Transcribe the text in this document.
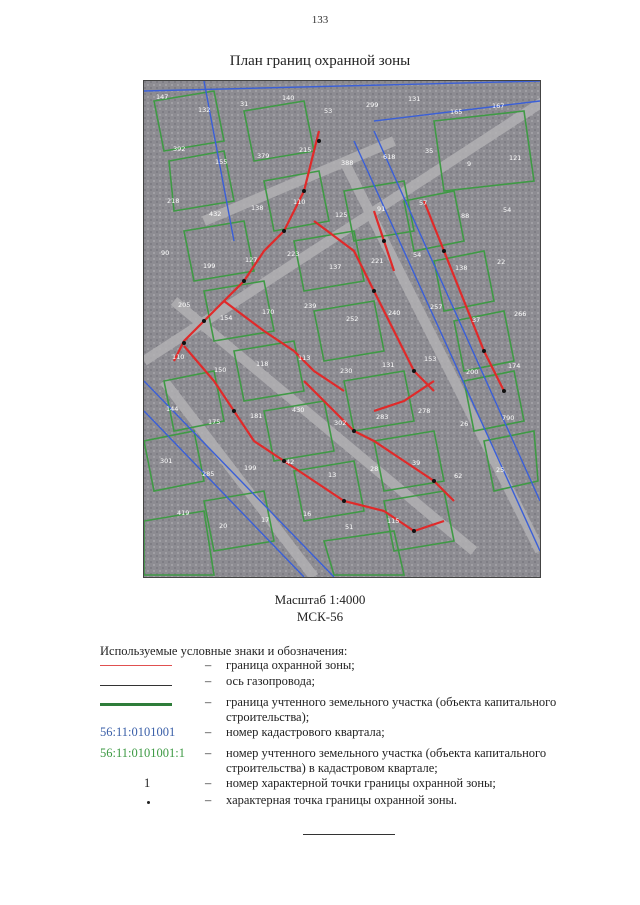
133
План границ охранной зоны
147
132
31
140
53
299
131
165
167
392
155
379
215
388
618
35
9
121
218
432
138
110
125
91
57
88
54
90
199
127
223
137
221
54
138
22
205
154
170
239
252
240
257
37
266
110
150
118
113
230
131
153
200
174
144
175
181
430
302
283
278
26
790
301
285
199
42
13
28
39
62
25
419
20
17
16
51
115
Масштаб 1:4000
МСК-56
Используемые условные знаки и обозначения:
– граница охранной зоны;
– ось газопровода;
– граница учтенного земельного участка (объекта капитального строительства);
56:11:0101001 – номер кадастрового квартала;
56:11:0101001:1 – номер учтенного земельного участка (объекта капитального строительства) в кадастровом квартале;
1	– номер характерной точки границы охранной зоны;
– характерная точка границы охранной зоны.
